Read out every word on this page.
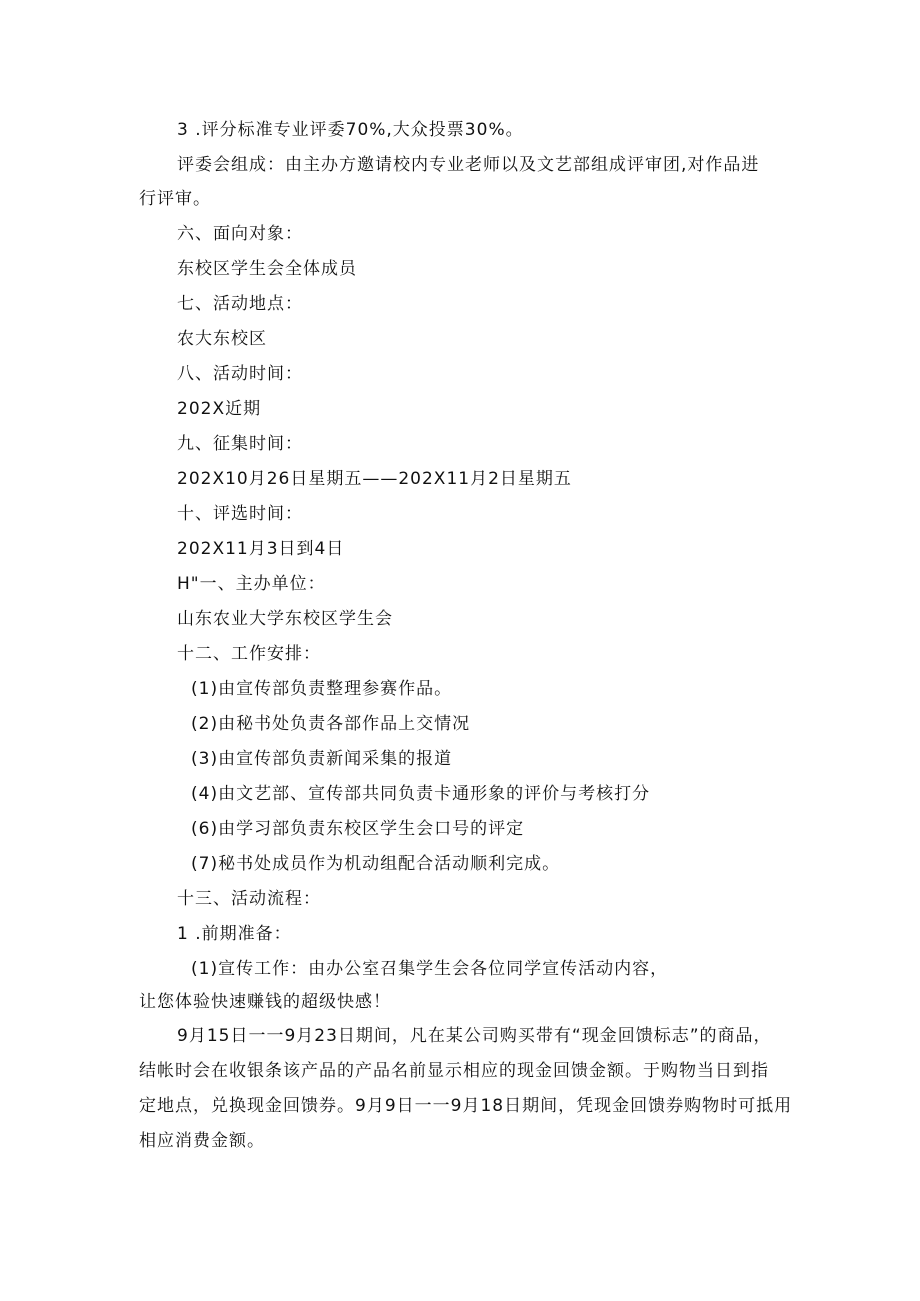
3 .评分标准专业评委70%,大众投票30%。
评委会组成：由主办方邀请校内专业老师以及文艺部组成评审团,对作品进
行评审。
六、面向对象：
东校区学生会全体成员
七、活动地点：
农大东校区
八、活动时间：
202X近期
九、征集时间：
202X10月26日星期五——202X11月2日星期五
十、评选时间：
202X11月3日到4日
H"一、主办单位：
山东农业大学东校区学生会
十二、工作安排：
(1)由宣传部负责整理参赛作品。
(2)由秘书处负责各部作品上交情况
(3)由宣传部负责新闻采集的报道
(4)由文艺部、宣传部共同负责卡通形象的评价与考核打分
(6)由学习部负责东校区学生会口号的评定
(7)秘书处成员作为机动组配合活动顺利完成。
十三、活动流程：
1 .前期准备：
(1)宣传工作：由办公室召集学生会各位同学宣传活动内容，
让您体验快速赚钱的超级快感！
9月15日一一9月23日期间，凡在某公司购买带有“现金回馈标志”的商品，
结帐时会在收银条该产品的产品名前显示相应的现金回馈金额。于购物当日到指
定地点，兑换现金回馈券。9月9日一一9月18日期间，凭现金回馈券购物时可抵用
相应消费金额。
